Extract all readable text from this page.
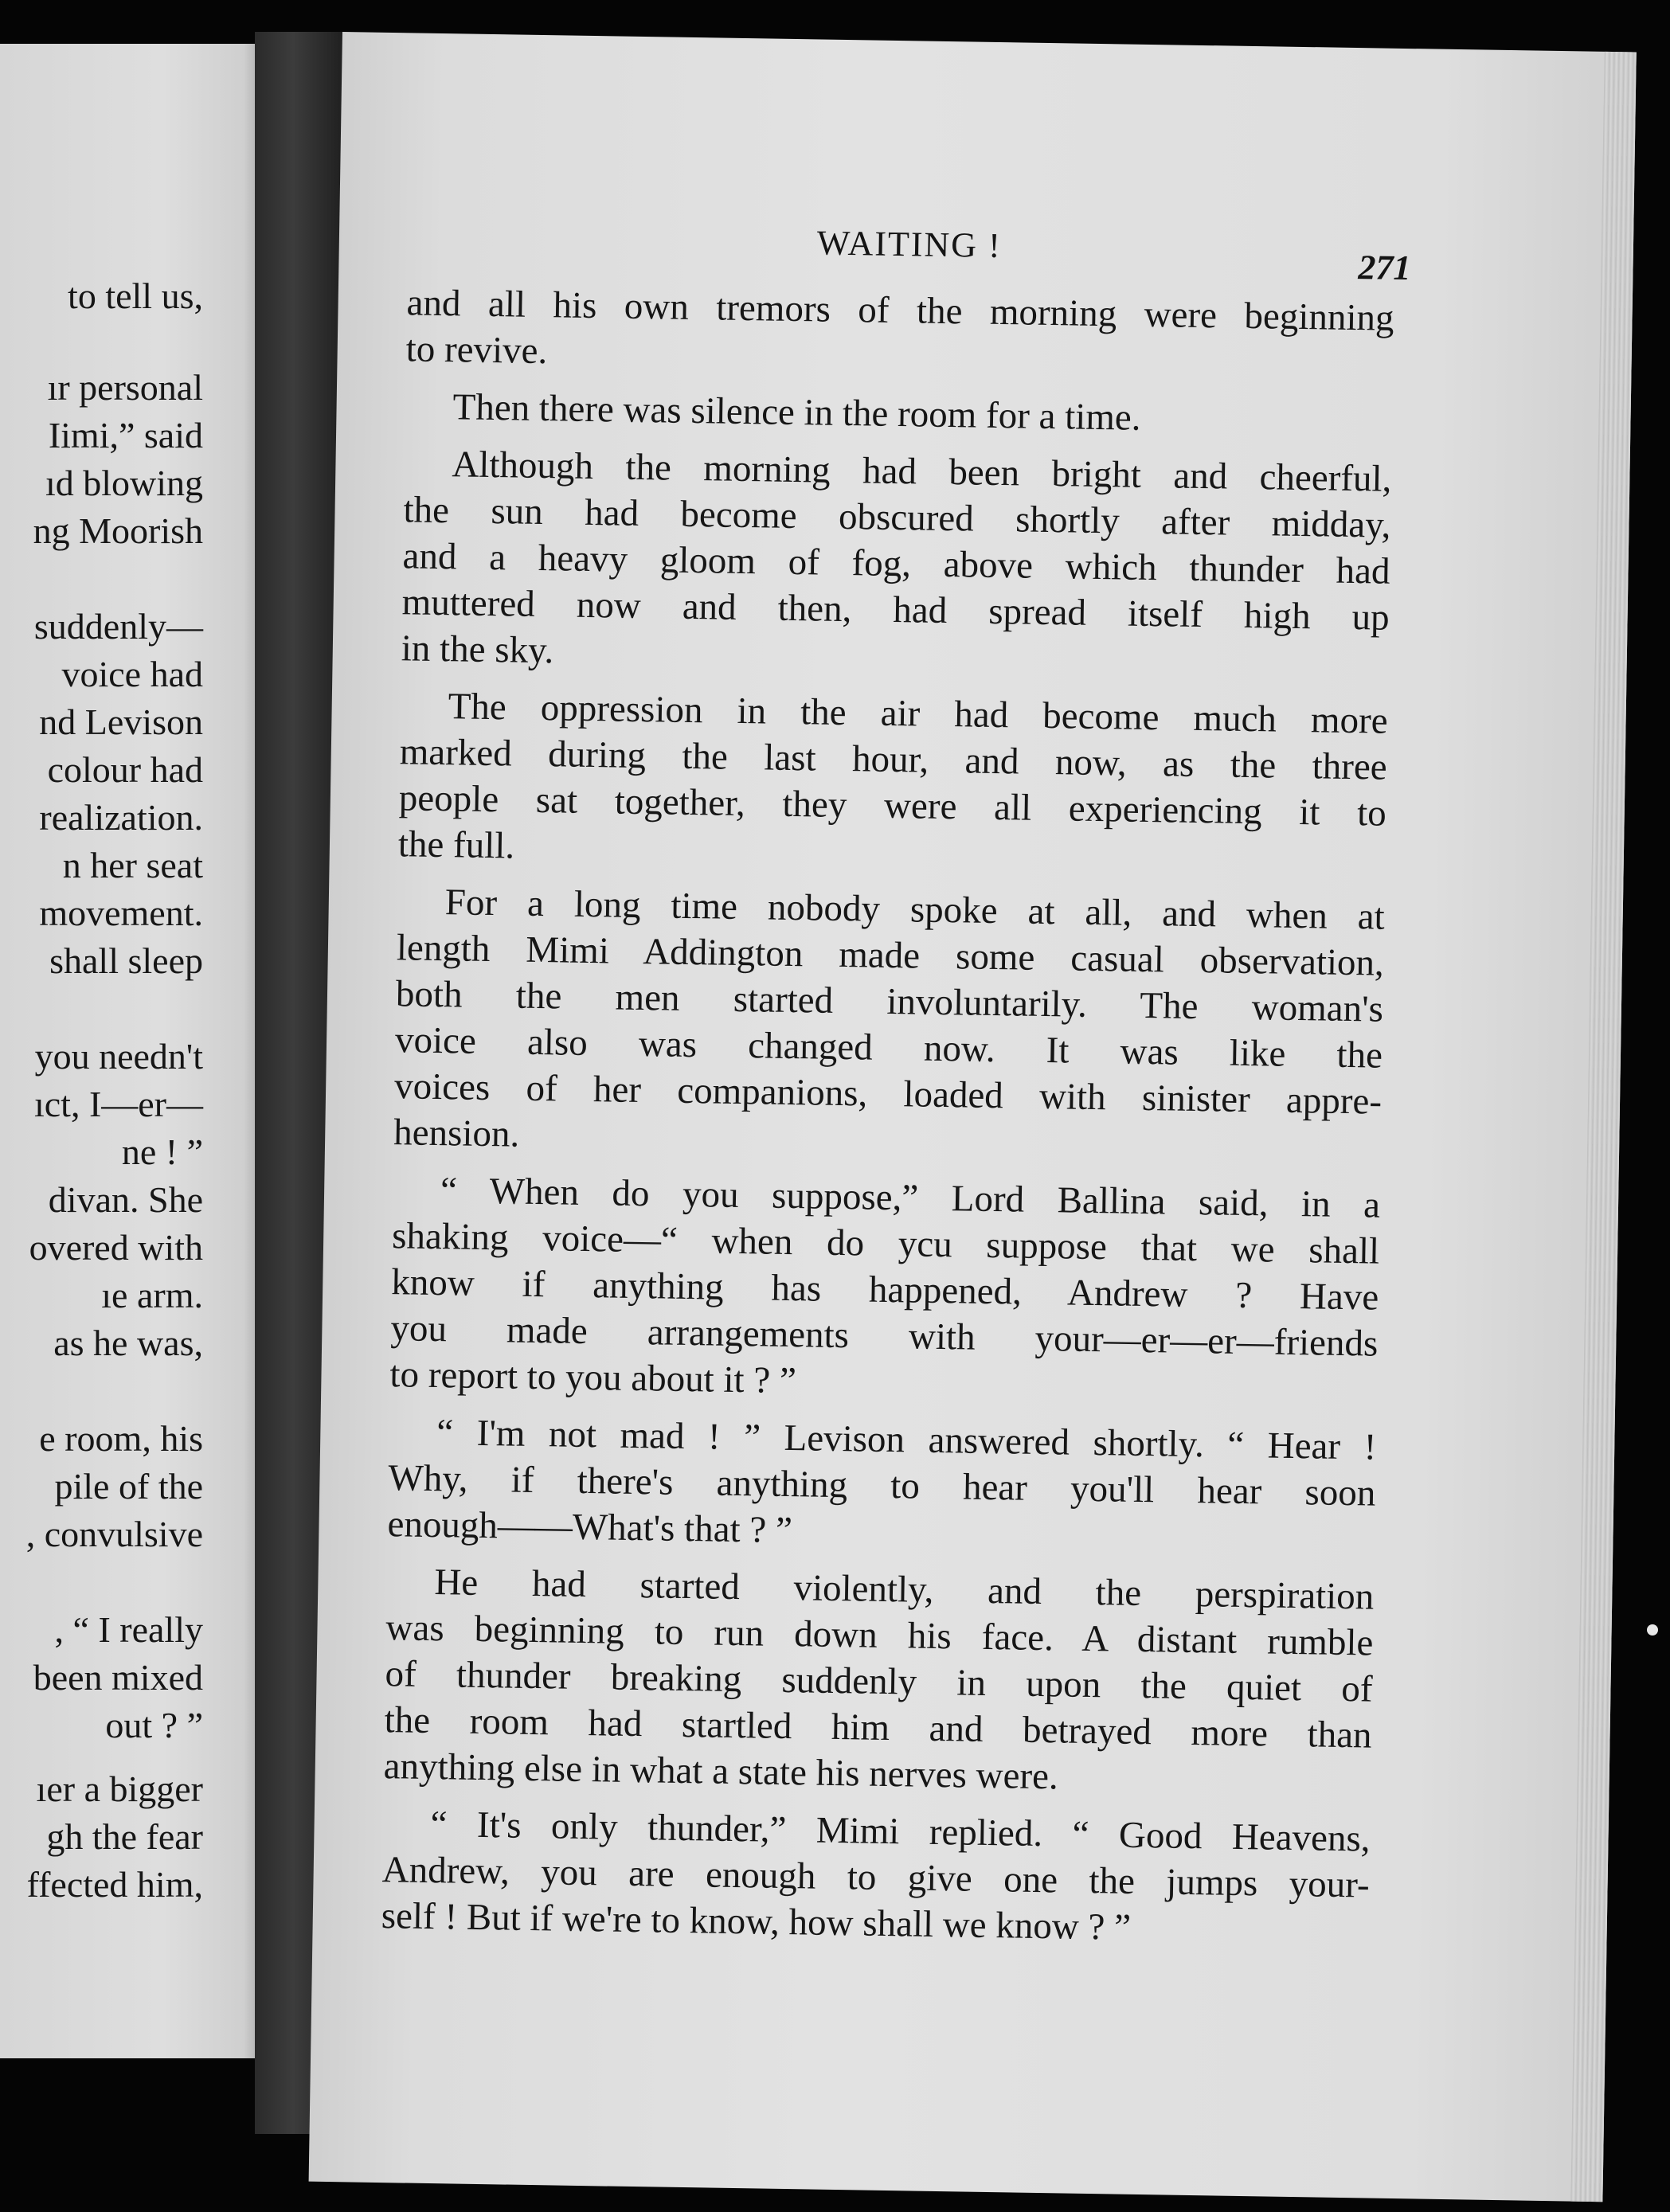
to tell us,
ır personal
Iimi,” said
ıd blowing
ng Moorish
suddenly—
voice had
nd Levison
colour had
realization.
n her seat
movement.
shall sleep
you needn't
ıct, I—er—
ne ! ”
divan. She
overed with
ıe arm.
as he was,
e room, his
pile of the
, convulsive
, “ I really
been mixed
out ? ”
ıer a bigger
gh the fear
ffected him,
WAITING !
271
and all his own tremors of the morning were beginning
to revive.
Then there was silence in the room for a time.
Although the morning had been bright and cheerful,
the sun had become obscured shortly after midday,
and a heavy gloom of fog, above which thunder had
muttered now and then, had spread itself high up
in the sky.
The oppression in the air had become much more
marked during the last hour, and now, as the three
people sat together, they were all experiencing it to
the full.
For a long time nobody spoke at all, and when at
length Mimi Addington made some casual observation,
both the men started involuntarily. The woman's
voice also was changed now. It was like the
voices of her companions, loaded with sinister appre-
hension.
“ When do you suppose,” Lord Ballina said, in a
shaking voice—“ when do ycu suppose that we shall
know if anything has happened, Andrew ? Have
you made arrangements with your—er—er—friends
to report to you about it ? ”
“ I'm not mad ! ” Levison answered shortly. “ Hear !
Why, if there's anything to hear you'll hear soon
enough——What's that ? ”
He had started violently, and the perspiration
was beginning to run down his face. A distant rumble
of thunder breaking suddenly in upon the quiet of
the room had startled him and betrayed more than
anything else in what a state his nerves were.
“ It's only thunder,” Mimi replied. “ Good Heavens,
Andrew, you are enough to give one the jumps your-
self ! But if we're to know, how shall we know ? ”
